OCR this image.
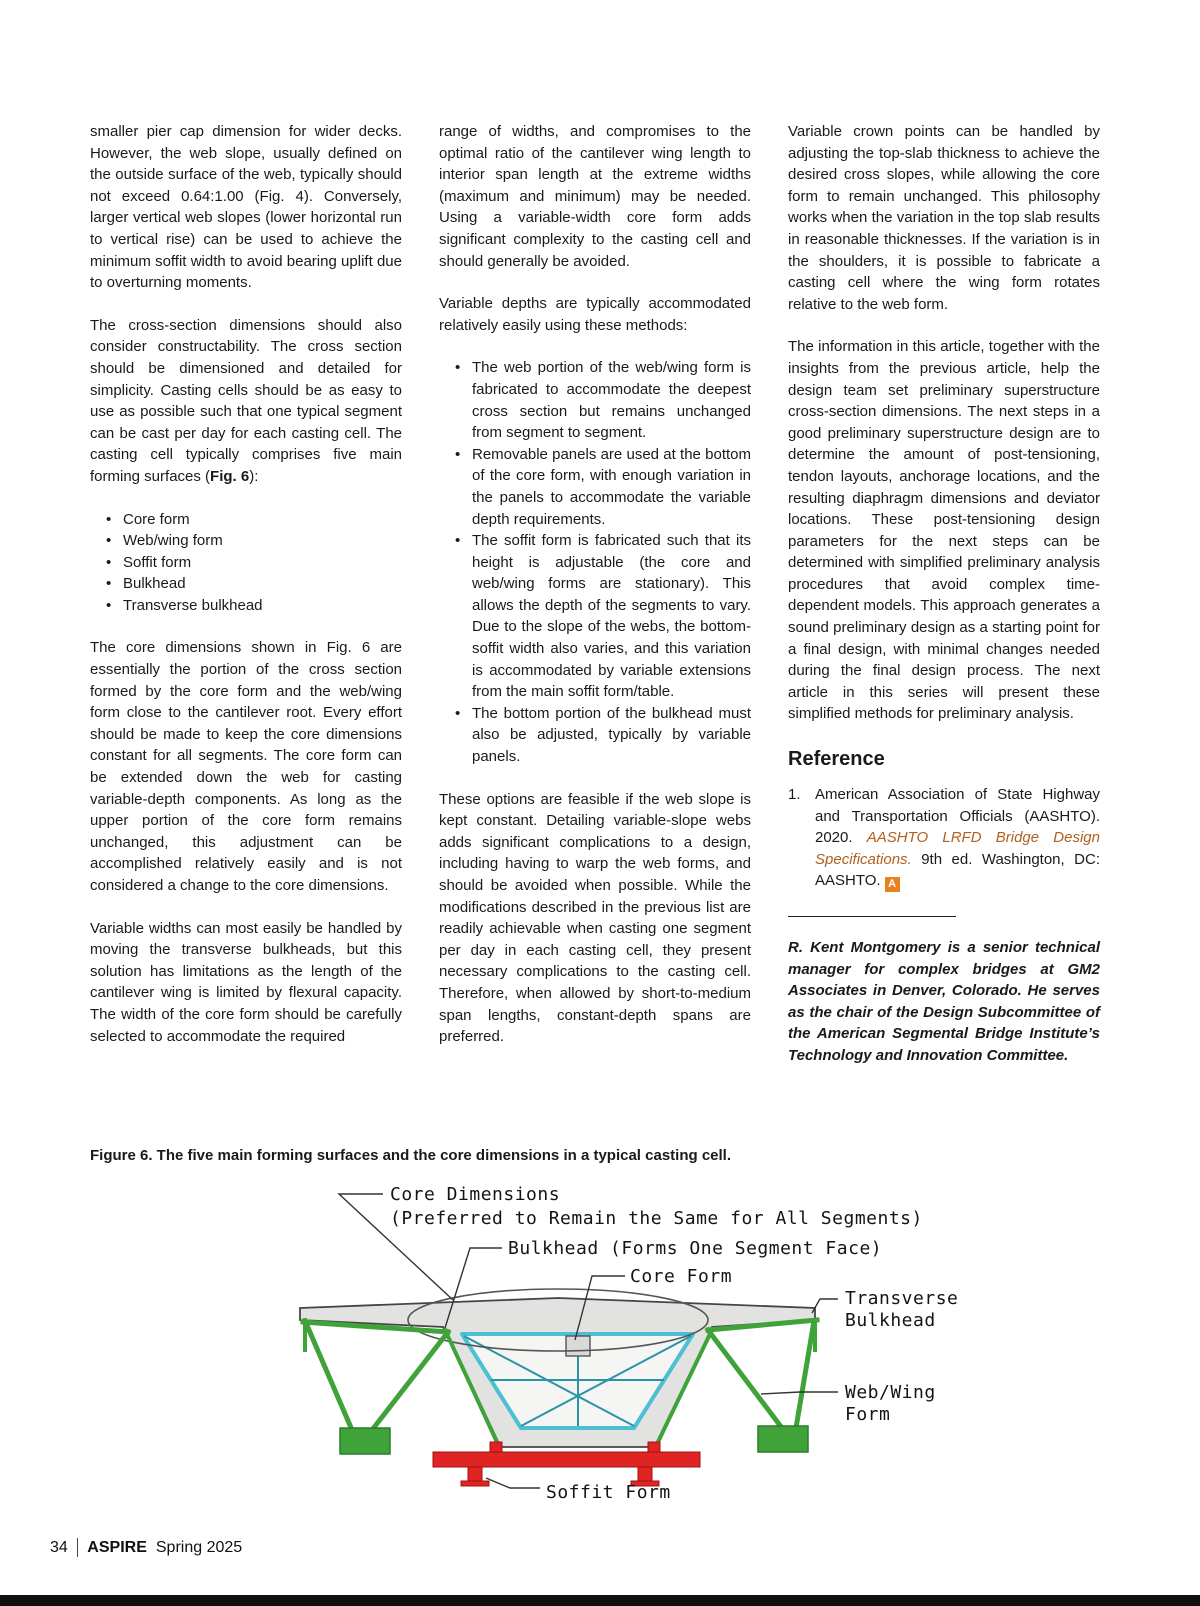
smaller pier cap dimension for wider decks. However, the web slope, usually defined on the outside surface of the web, typically should not exceed 0.64:1.00 (Fig. 4). Conversely, larger vertical web slopes (lower horizontal run to vertical rise) can be used to achieve the minimum soffit width to avoid bearing uplift due to overturning moments.

The cross-section dimensions should also consider constructability. The cross section should be dimensioned and detailed for simplicity. Casting cells should be as easy to use as possible such that one typical segment can be cast per day for each casting cell. The casting cell typically comprises five main forming surfaces (Fig. 6):

• Core form
• Web/wing form
• Soffit form
• Bulkhead
• Transverse bulkhead

The core dimensions shown in Fig. 6 are essentially the portion of the cross section formed by the core form and the web/wing form close to the cantilever root. Every effort should be made to keep the core dimensions constant for all segments. The core form can be extended down the web for casting variable-depth components. As long as the upper portion of the core form remains unchanged, this adjustment can be accomplished relatively easily and is not considered a change to the core dimensions.

Variable widths can most easily be handled by moving the transverse bulkheads, but this solution has limitations as the length of the cantilever wing is limited by flexural capacity. The width of the core form should be carefully selected to accommodate the required

range of widths, and compromises to the optimal ratio of the cantilever wing length to interior span length at the extreme widths (maximum and minimum) may be needed. Using a variable-width core form adds significant complexity to the casting cell and should generally be avoided.

Variable depths are typically accommodated relatively easily using these methods:

• The web portion of the web/wing form is fabricated to accommodate the deepest cross section but remains unchanged from segment to segment.
• Removable panels are used at the bottom of the core form, with enough variation in the panels to accommodate the variable depth requirements.
• The soffit form is fabricated such that its height is adjustable (the core and web/wing forms are stationary). This allows the depth of the segments to vary. Due to the slope of the webs, the bottom-soffit width also varies, and this variation is accommodated by variable extensions from the main soffit form/table.
• The bottom portion of the bulkhead must also be adjusted, typically by variable panels.

These options are feasible if the web slope is kept constant. Detailing variable-slope webs adds significant complications to a design, including having to warp the web forms, and should be avoided when possible. While the modifications described in the previous list are readily achievable when casting one segment per day in each casting cell, they present necessary complications to the casting cell. Therefore, when allowed by short-to-medium span lengths, constant-depth spans are preferred.

Variable crown points can be handled by adjusting the top-slab thickness to achieve the desired cross slopes, while allowing the core form to remain unchanged. This philosophy works when the variation in the top slab results in reasonable thicknesses. If the variation is in the shoulders, it is possible to fabricate a casting cell where the wing form rotates relative to the web form.

The information in this article, together with the insights from the previous article, help the design team set preliminary superstructure cross-section dimensions. The next steps in a good preliminary superstructure design are to determine the amount of post-tensioning, tendon layouts, anchorage locations, and the resulting diaphragm dimensions and deviator locations. These post-tensioning design parameters for the next steps can be determined with simplified preliminary analysis procedures that avoid complex time-dependent models. This approach generates a sound preliminary design as a starting point for a final design, with minimal changes needed during the final design process. The next article in this series will present these simplified methods for preliminary analysis.

Reference
1. American Association of State Highway and Transportation Officials (AASHTO). 2020. AASHTO LRFD Bridge Design Specifications. 9th ed. Washington, DC: AASHTO. A

R. Kent Montgomery is a senior technical manager for complex bridges at GM2 Associates in Denver, Colorado. He serves as the chair of the Design Subcommittee of the American Segmental Bridge Institute’s Technology and Innovation Committee.

Figure 6. The five main forming surfaces and the core dimensions in a typical casting cell.
Core Dimensions
(Preferred to Remain the Same for All Segments)
Bulkhead (Forms One Segment Face)
Core Form
Transverse
Bulkhead
Web/Wing
Form
Soffit Form
34 ASPIRE Spring 2025
